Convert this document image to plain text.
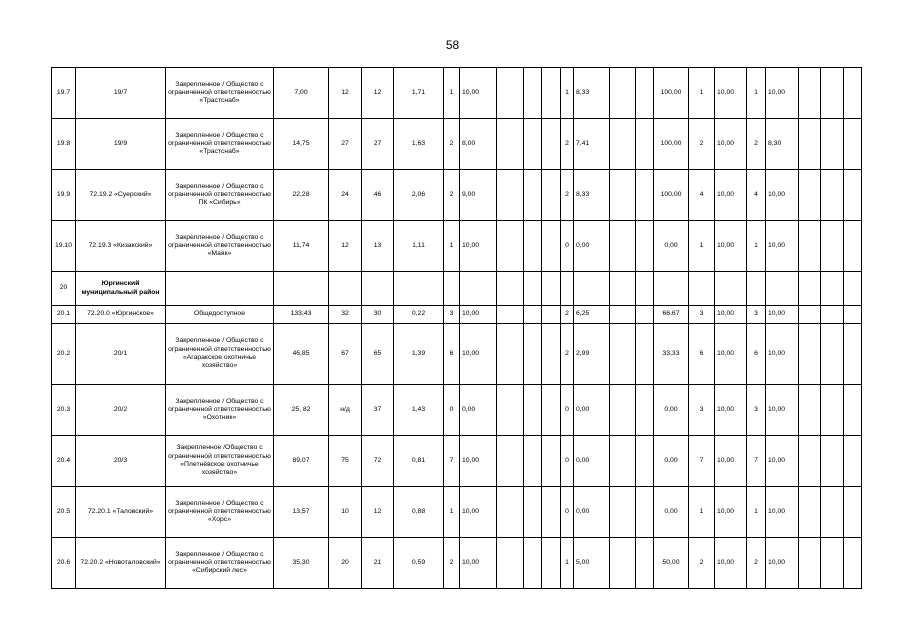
58
19.7	19/7	Закрепленное / Общество с ограниченной ответственностью «Трастснаб»	7,00	12	12	1,71	1	10,00				1	8,33			100,00	1	10,00	1	10,00			
19.8	19/9	Закрепленное / Общество с ограниченной ответственностью «Трастснаб»	14,75	27	27	1,63	2	8,00				2	7,41			100,00	2	10,00	2	8,30			
19.9	72.19.2 «Суерский»	Закрепленное / Общество с ограниченной ответственностью ПК «Сибирь»	22,28	24	46	2,06	2	9,00				2	8,33			100,00	4	10,00	4	10,00			
19.10	72.19.3 «Кизакский»	Закрепленное / Общество с ограниченной ответственностью «Маяк»	11,74	12	13	1,11	1	10,00				0	0,00			0,00	1	10,00	1	10,00			
20	Юргинский муниципальный район																						
20.1	72.20.0 «Юргинское»	Общедоступное	133,43	32	30	0,22	3	10,00				2	6,25			66,67	3	10,00	3	10,00			
20.2	20/1	Закрепленное / Общество с ограниченной ответственностью «Агаракское охотничье хозяйство»	46,85	67	65	1,39	6	10,00				2	2,99			33,33	6	10,00	6	10,00			
20.3	20/2	Закрепленное / Общество с ограниченной ответственностью «Охотник»	25, 82	н/д	37	1,43	0	0,00				0	0,00			0,00	3	10,00	3	10,00			
20.4	20/3	Закрепленное /Общество с ограниченной ответственностью «Плетнёвское охотничье хозяйство»	89,07	75	72	0,81	7	10,00				0	0,00			0,00	7	10,00	7	10,00			
20.5	72.20.1 «Таловский»	Закрепленное / Общество с ограниченной ответственностью «Хорс»	13,57	10	12	0,88	1	10,00				0	0,00			0,00	1	10,00	1	10,00			
20.6	72.20.2 «Новоталовский»	Закрепленное / Общество с ограниченной ответственностью «Сибирский лес»	35,30	20	21	0,59	2	10,00				1	5,00			50,00	2	10,00	2	10,00			
